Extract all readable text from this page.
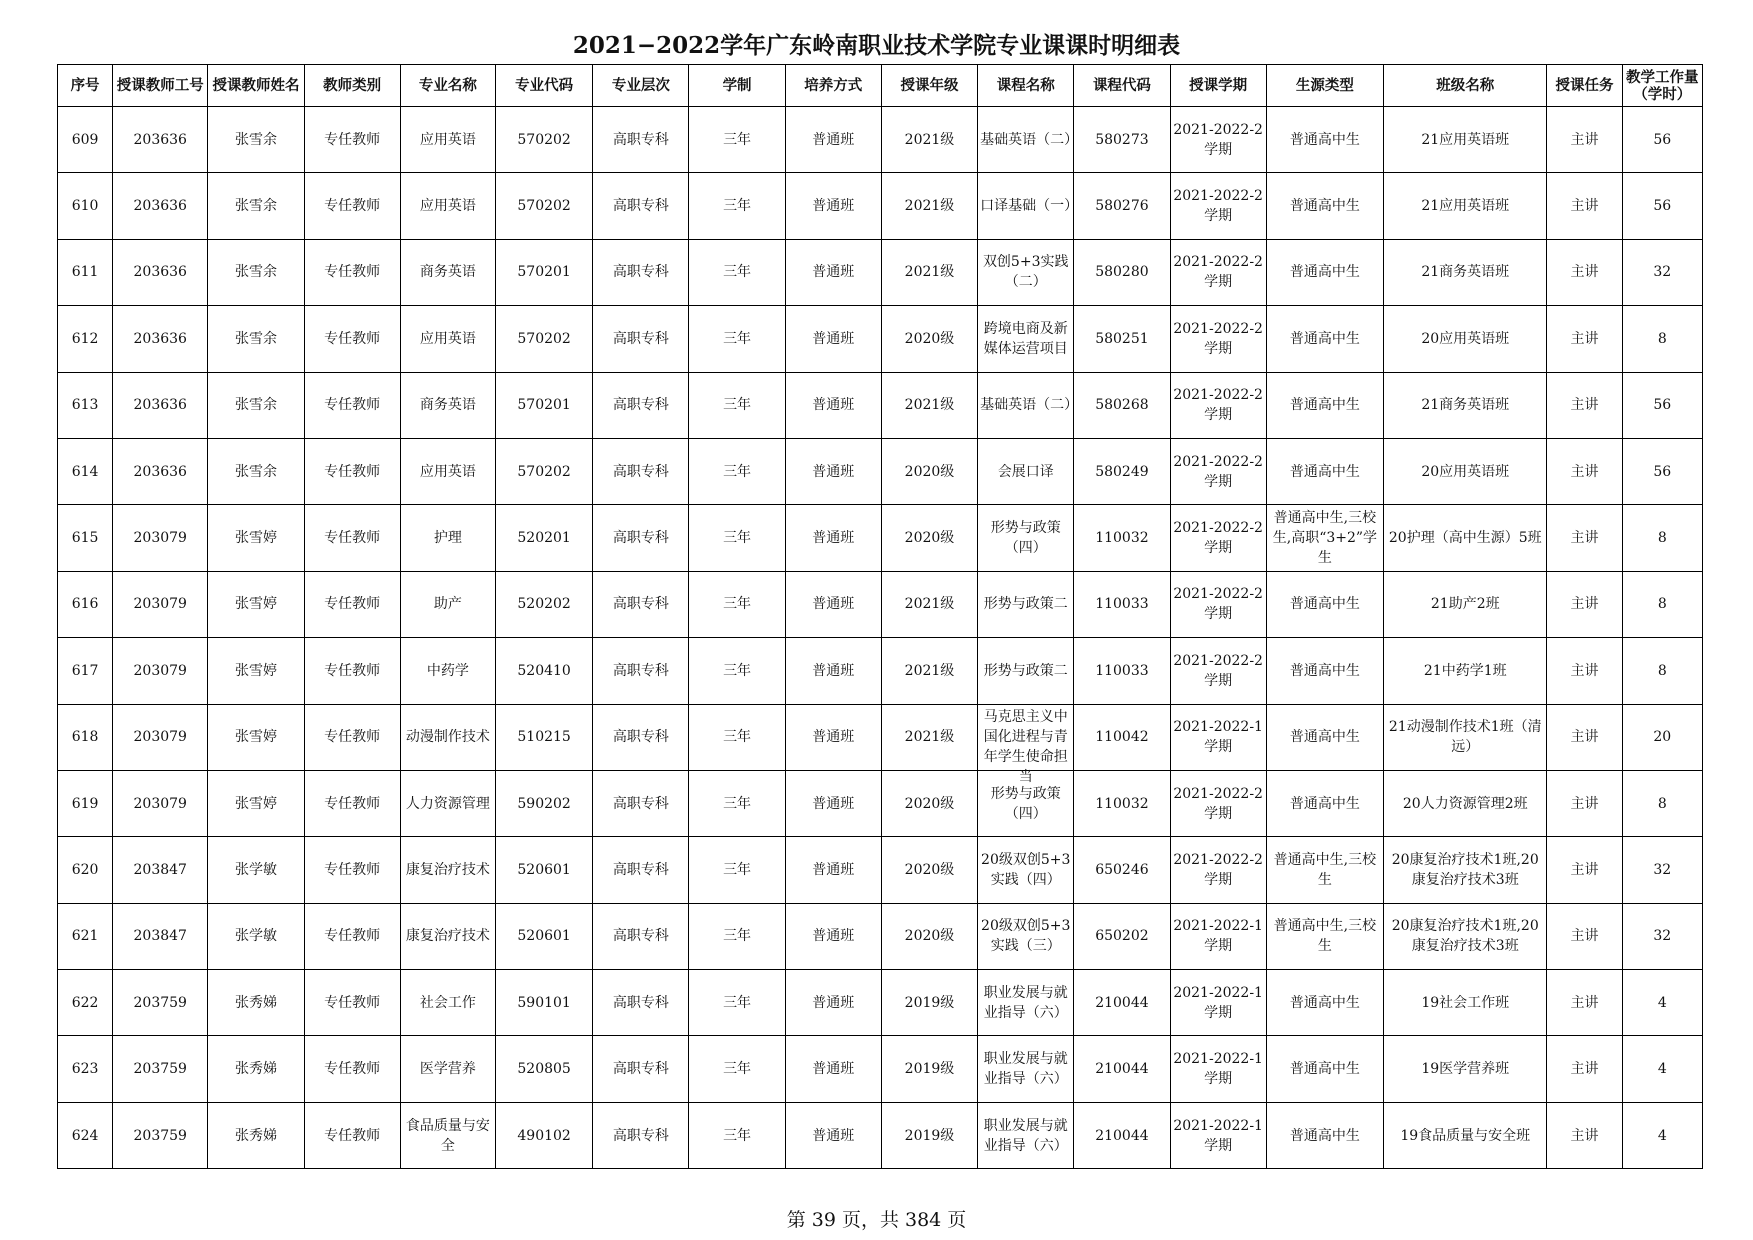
2021−2022学年广东岭南职业技术学院专业课课时明细表
序号	授课教师工号	授课教师姓名	教师类别	专业名称	专业代码	专业层次	学制	培养方式	授课年级	课程名称	课程代码	授课学期	生源类型	班级名称	授课任务	教学工作量（学时）

609	203636	张雪余	专任教师	应用英语	570202	高职专科	三年	普通班	2021级	基础英语（二）	580273	2021-2022-2学期	普通高中生	21应用英语班	主讲	56

610	203636	张雪余	专任教师	应用英语	570202	高职专科	三年	普通班	2021级	口译基础（一）	580276	2021-2022-2学期	普通高中生	21应用英语班	主讲	56

611	203636	张雪余	专任教师	商务英语	570201	高职专科	三年	普通班	2021级	双创5+3实践（二）	580280	2021-2022-2学期	普通高中生	21商务英语班	主讲	32

612	203636	张雪余	专任教师	应用英语	570202	高职专科	三年	普通班	2020级	跨境电商及新媒体运营项目	580251	2021-2022-2学期	普通高中生	20应用英语班	主讲	8

613	203636	张雪余	专任教师	商务英语	570201	高职专科	三年	普通班	2021级	基础英语（二）	580268	2021-2022-2学期	普通高中生	21商务英语班	主讲	56

614	203636	张雪余	专任教师	应用英语	570202	高职专科	三年	普通班	2020级	会展口译	580249	2021-2022-2学期	普通高中生	20应用英语班	主讲	56

615	203079	张雪婷	专任教师	护理	520201	高职专科	三年	普通班	2020级	形势与政策（四）	110032	2021-2022-2学期	普通高中生,三校生,高职“3+2”学生	20护理（高中生源）5班	主讲	8

616	203079	张雪婷	专任教师	助产	520202	高职专科	三年	普通班	2021级	形势与政策二	110033	2021-2022-2学期	普通高中生	21助产2班	主讲	8

617	203079	张雪婷	专任教师	中药学	520410	高职专科	三年	普通班	2021级	形势与政策二	110033	2021-2022-2学期	普通高中生	21中药学1班	主讲	8

618	203079	张雪婷	专任教师	动漫制作技术	510215	高职专科	三年	普通班	2021级	马克思主义中国化进程与青年学生使命担当	110042	2021-2022-1学期	普通高中生	21动漫制作技术1班（清远）	主讲	20

619	203079	张雪婷	专任教师	人力资源管理	590202	高职专科	三年	普通班	2020级	形势与政策（四）	110032	2021-2022-2学期	普通高中生	20人力资源管理2班	主讲	8

620	203847	张学敏	专任教师	康复治疗技术	520601	高职专科	三年	普通班	2020级	20级双创5+3实践（四）	650246	2021-2022-2学期	普通高中生,三校生	20康复治疗技术1班,20康复治疗技术3班	主讲	32

621	203847	张学敏	专任教师	康复治疗技术	520601	高职专科	三年	普通班	2020级	20级双创5+3实践（三）	650202	2021-2022-1学期	普通高中生,三校生	20康复治疗技术1班,20康复治疗技术3班	主讲	32

622	203759	张秀娣	专任教师	社会工作	590101	高职专科	三年	普通班	2019级	职业发展与就业指导（六）	210044	2021-2022-1学期	普通高中生	19社会工作班	主讲	4

623	203759	张秀娣	专任教师	医学营养	520805	高职专科	三年	普通班	2019级	职业发展与就业指导（六）	210044	2021-2022-1学期	普通高中生	19医学营养班	主讲	4

624	203759	张秀娣	专任教师	食品质量与安全	490102	高职专科	三年	普通班	2019级	职业发展与就业指导（六）	210044	2021-2022-1学期	普通高中生	19食品质量与安全班	主讲	4
第 39 页，共 384 页
